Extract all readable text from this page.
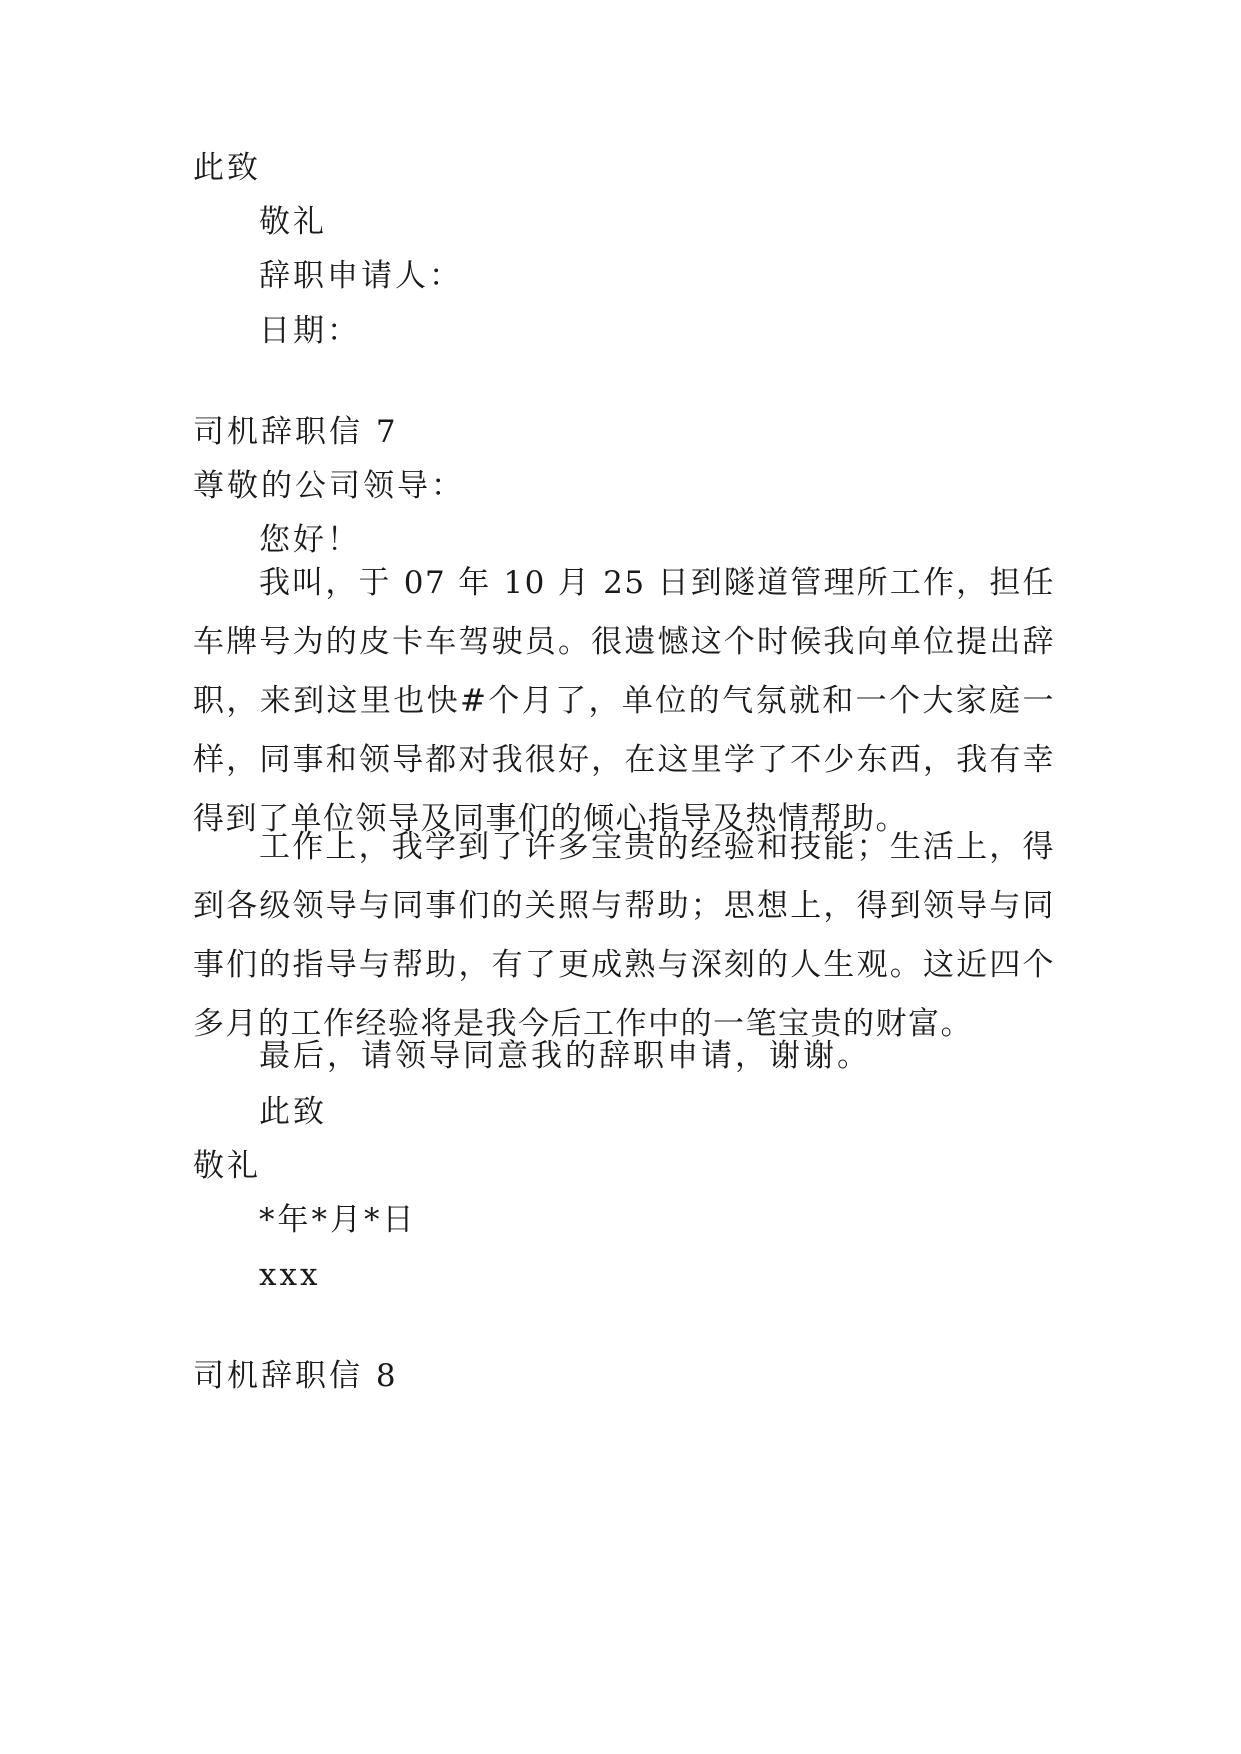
此致
敬礼
辞职申请人：
日期：
司机辞职信 7
尊敬的公司领导：
您好！
我叫，于 07 年 10 月 25 日到隧道管理所工作，担任车牌号为的皮卡车驾驶员。很遗憾这个时候我向单位提出辞职，来到这里也快#个月了，单位的气氛就和一个大家庭一样，同事和领导都对我很好，在这里学了不少东西，我有幸得到了单位领导及同事们的倾心指导及热情帮助。
工作上，我学到了许多宝贵的经验和技能；生活上，得到各级领导与同事们的关照与帮助；思想上，得到领导与同事们的指导与帮助，有了更成熟与深刻的人生观。这近四个多月的工作经验将是我今后工作中的一笔宝贵的财富。
最后，请领导同意我的辞职申请，谢谢。
此致
敬礼
*年*月*日
xxx
司机辞职信 8
